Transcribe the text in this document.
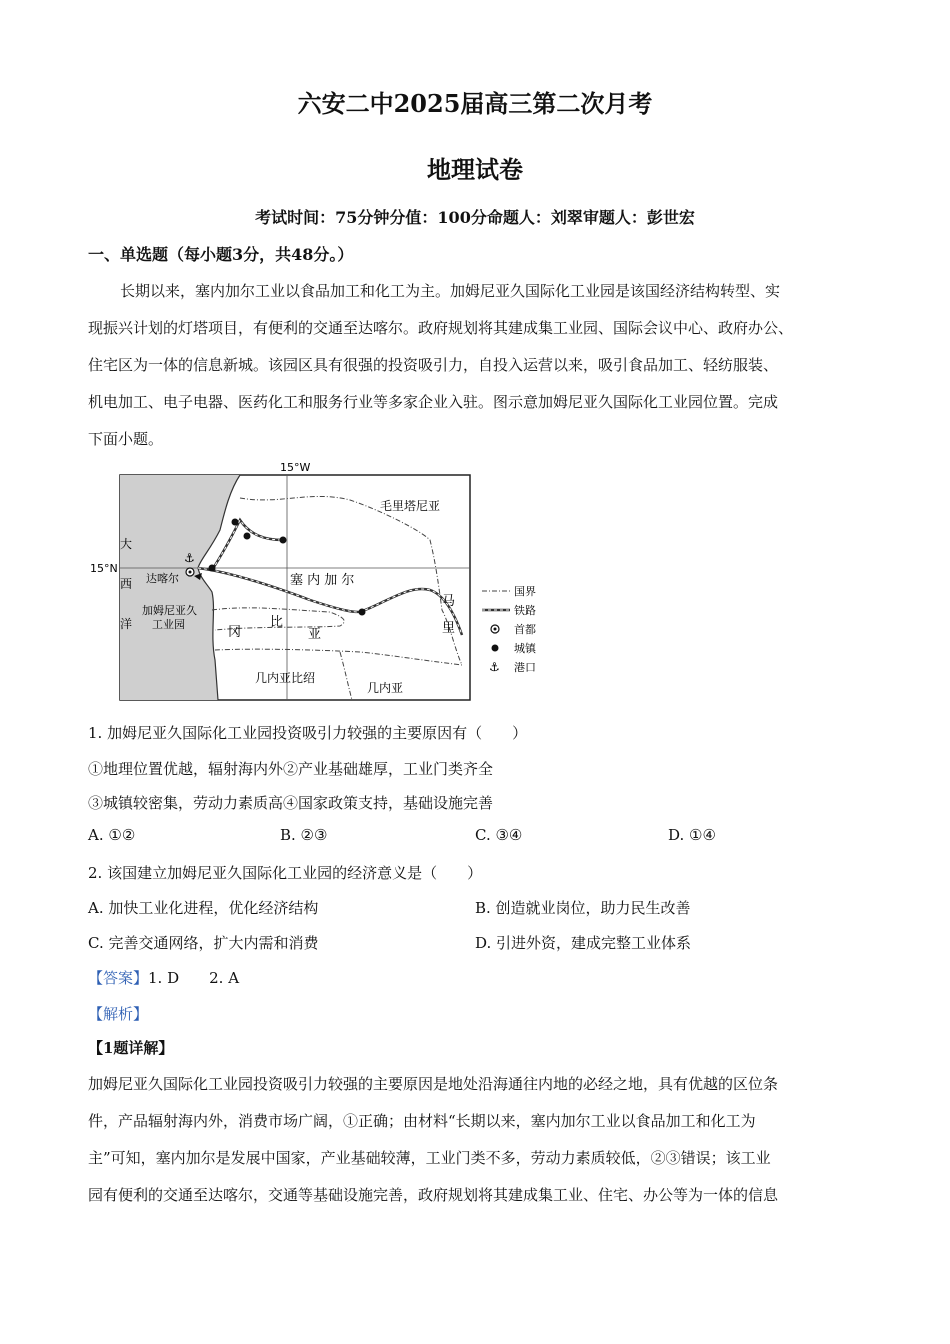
六安二中2025届高三第二次月考
地理试卷
考试时间：75分钟分值：100分命题人：刘翠审题人：彭世宏
一、单选题（每小题3分，共48分。）
长期以来，塞内加尔工业以食品加工和化工为主。加姆尼亚久国际化工业园是该国经济结构转型、实
现振兴计划的灯塔项目，有便利的交通至达喀尔。政府规划将其建成集工业园、国际会议中心、政府办公、
住宅区为一体的信息新城。该园区具有很强的投资吸引力，自投入运营以来，吸引食品加工、轻纺服装、
机电加工、电子电器、医药化工和服务行业等多家企业入驻。图示意加姆尼亚久国际化工业园位置。完成
下面小题。
15°W
15°N
⚓
毛里塔尼亚
塞 内 加 尔
马
里
冈
比
亚
几内亚比绍
几内亚
大
西
洋
达喀尔
加姆尼亚久
工业园
国界
铁路
首都
城镇
⚓ 港口
1. 加姆尼亚久国际化工业园投资吸引力较强的主要原因有（　　）
①地理位置优越，辐射海内外②产业基础雄厚，工业门类齐全
③城镇较密集，劳动力素质高④国家政策支持，基础设施完善
A. ①②	B. ②③	C. ③④	D. ①④
2. 该国建立加姆尼亚久国际化工业园的经济意义是（　　）
A. 加快工业化进程，优化经济结构	B. 创造就业岗位，助力民生改善
C. 完善交通网络，扩大内需和消费	D. 引进外资，建成完整工业体系
【答案】1. D　　2. A
【解析】
【1题详解】
加姆尼亚久国际化工业园投资吸引力较强的主要原因是地处沿海通往内地的必经之地，具有优越的区位条
件，产品辐射海内外，消费市场广阔，①正确；由材料“长期以来，塞内加尔工业以食品加工和化工为
主”可知，塞内加尔是发展中国家，产业基础较薄，工业门类不多，劳动力素质较低，②③错误；该工业
园有便利的交通至达喀尔，交通等基础设施完善，政府规划将其建成集工业、住宅、办公等为一体的信息
